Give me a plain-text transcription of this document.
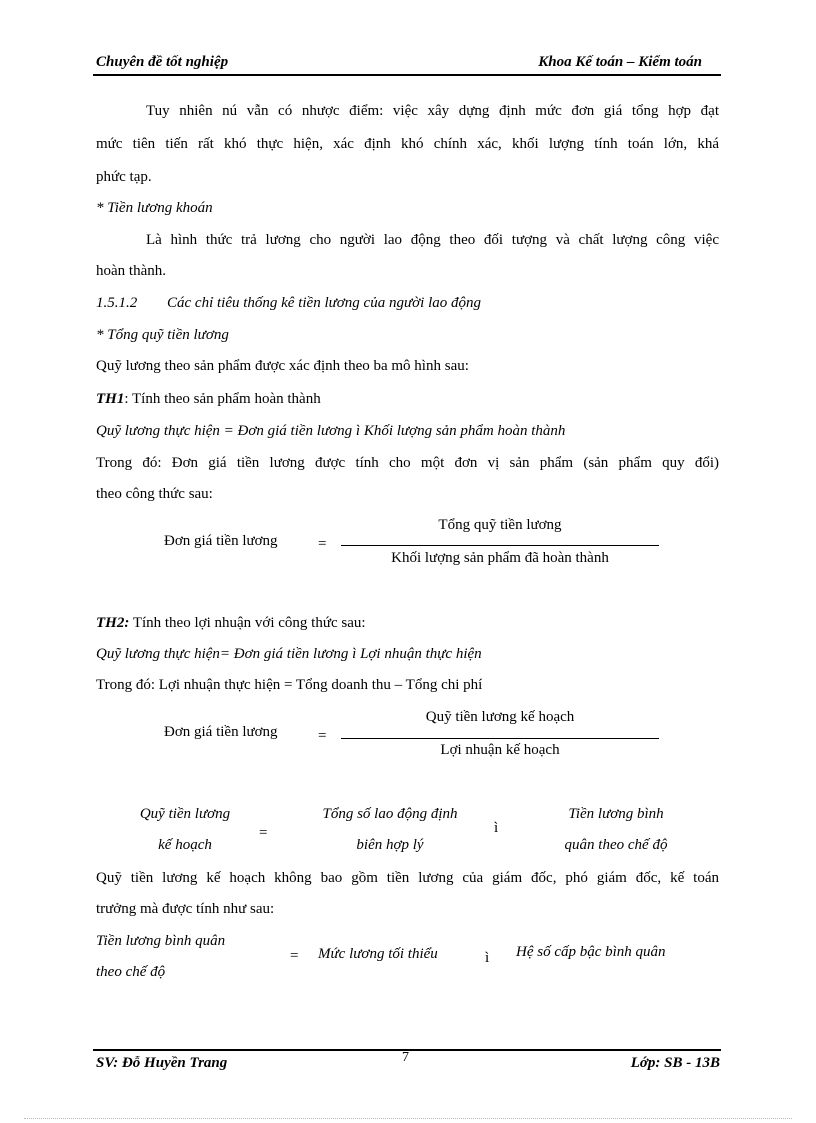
Chuyên đề tốt nghiệp	Khoa Kế toán – Kiểm toán
Tuy nhiên nú vẫn có nhược điểm: việc xây dựng định mức đơn giá tổng hợp đạt
mức tiên tiến rất khó thực hiện, xác định khó chính xác, khối lượng tính toán lớn, khá
phức tạp.
* Tiền lương khoán
Là hình thức trả lương cho người lao động theo đối tượng và chất lượng công việc
hoàn thành.
1.5.1.2 Các chỉ tiêu thống kê tiền lương của người lao động
* Tổng quỹ tiền lương
Quỹ lương theo sản phẩm được xác định theo ba mô hình sau:
TH1: Tính theo sản phẩm hoàn thành
Quỹ lương thực hiện = Đơn giá tiền lương ì Khối lượng sản phẩm hoàn thành
Trong đó: Đơn giá tiền lương được tính cho một đơn vị sản phẩm (sản phẩm quy đổi)
theo công thức sau:
Đơn giá tiền lương	=
Tổng quỹ tiền lương
Khối lượng sản phẩm đã hoàn thành
TH2: Tính theo lợi nhuận với công thức sau:
Quỹ lương thực hiện= Đơn giá tiền lương ì Lợi nhuận thực hiện
Trong đó: Lợi nhuận thực hiện = Tổng doanh thu – Tổng chi phí
Đơn giá tiền lương	=
Quỹ tiền lương kế hoạch
Lợi nhuận kế hoạch
Quỹ tiền lương
kế hoạch
=
Tổng số lao động định
biên hợp lý
ì
Tiền lương bình
quân theo chế độ
Quỹ tiền lương kế hoạch không bao gồm tiền lương của giám đốc, phó giám đốc, kế toán
trưởng mà được tính như sau:
Tiền lương bình quân
theo chế độ
= Mức lương tối thiểu	ì Hệ số cấp bậc bình quân
7
SV: Đỗ Huyền Trang	Lớp: SB - 13B
